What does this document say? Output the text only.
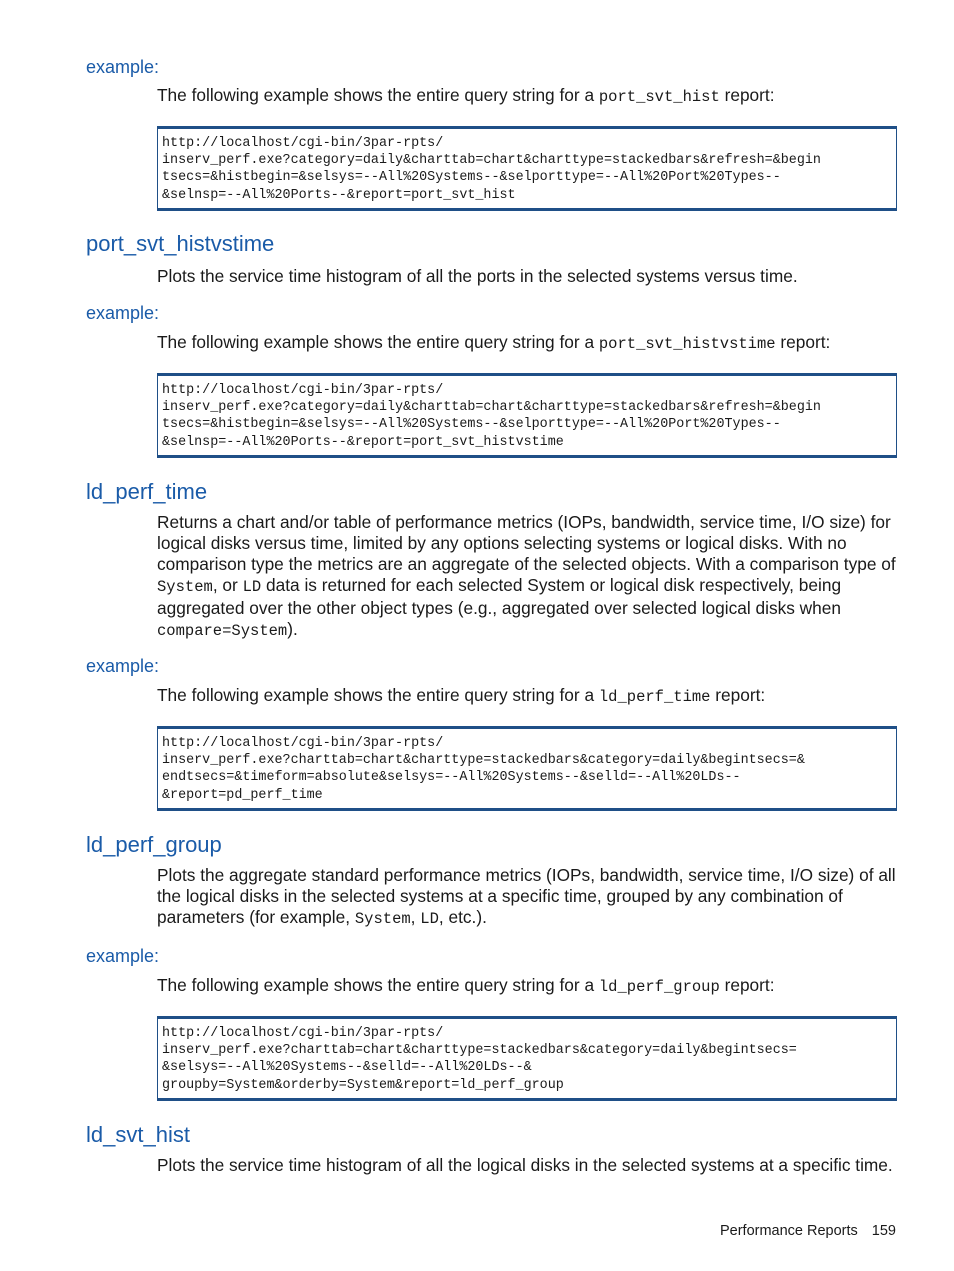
example:
The following example shows the entire query string for a port_svt_hist report:
http://localhost/cgi-bin/3par-rpts/
inserv_perf.exe?category=daily&charttab=chart&charttype=stackedbars&refresh=&begin
tsecs=&histbegin=&selsys=--All%20Systems--&selporttype=--All%20Port%20Types--
&selnsp=--All%20Ports--&report=port_svt_hist
port_svt_histvstime
Plots the service time histogram of all the ports in the selected systems versus time.
example:
The following example shows the entire query string for a port_svt_histvstime report:
http://localhost/cgi-bin/3par-rpts/
inserv_perf.exe?category=daily&charttab=chart&charttype=stackedbars&refresh=&begin
tsecs=&histbegin=&selsys=--All%20Systems--&selporttype=--All%20Port%20Types--
&selnsp=--All%20Ports--&report=port_svt_histvstime
ld_perf_time
Returns a chart and/or table of performance metrics (IOPs, bandwidth, service time, I/O size) for
logical disks versus time, limited by any options selecting systems or logical disks. With no
comparison type the metrics are an aggregate of the selected objects. With a comparison type of
System, or LD data is returned for each selected System or logical disk respectively, being
aggregated over the other object types (e.g., aggregated over selected logical disks when
compare=System).
example:
The following example shows the entire query string for a ld_perf_time report:
http://localhost/cgi-bin/3par-rpts/
inserv_perf.exe?charttab=chart&charttype=stackedbars&category=daily&begintsecs=&
endtsecs=&timeform=absolute&selsys=--All%20Systems--&selld=--All%20LDs--
&report=pd_perf_time
ld_perf_group
Plots the aggregate standard performance metrics (IOPs, bandwidth, service time, I/O size) of all
the logical disks in the selected systems at a specific time, grouped by any combination of
parameters (for example, System, LD, etc.).
example:
The following example shows the entire query string for a ld_perf_group report:
http://localhost/cgi-bin/3par-rpts/
inserv_perf.exe?charttab=chart&charttype=stackedbars&category=daily&begintsecs=
&selsys=--All%20Systems--&selld=--All%20LDs--&
groupby=System&orderby=System&report=ld_perf_group
ld_svt_hist
Plots the service time histogram of all the logical disks in the selected systems at a specific time.
Performance Reports 159
